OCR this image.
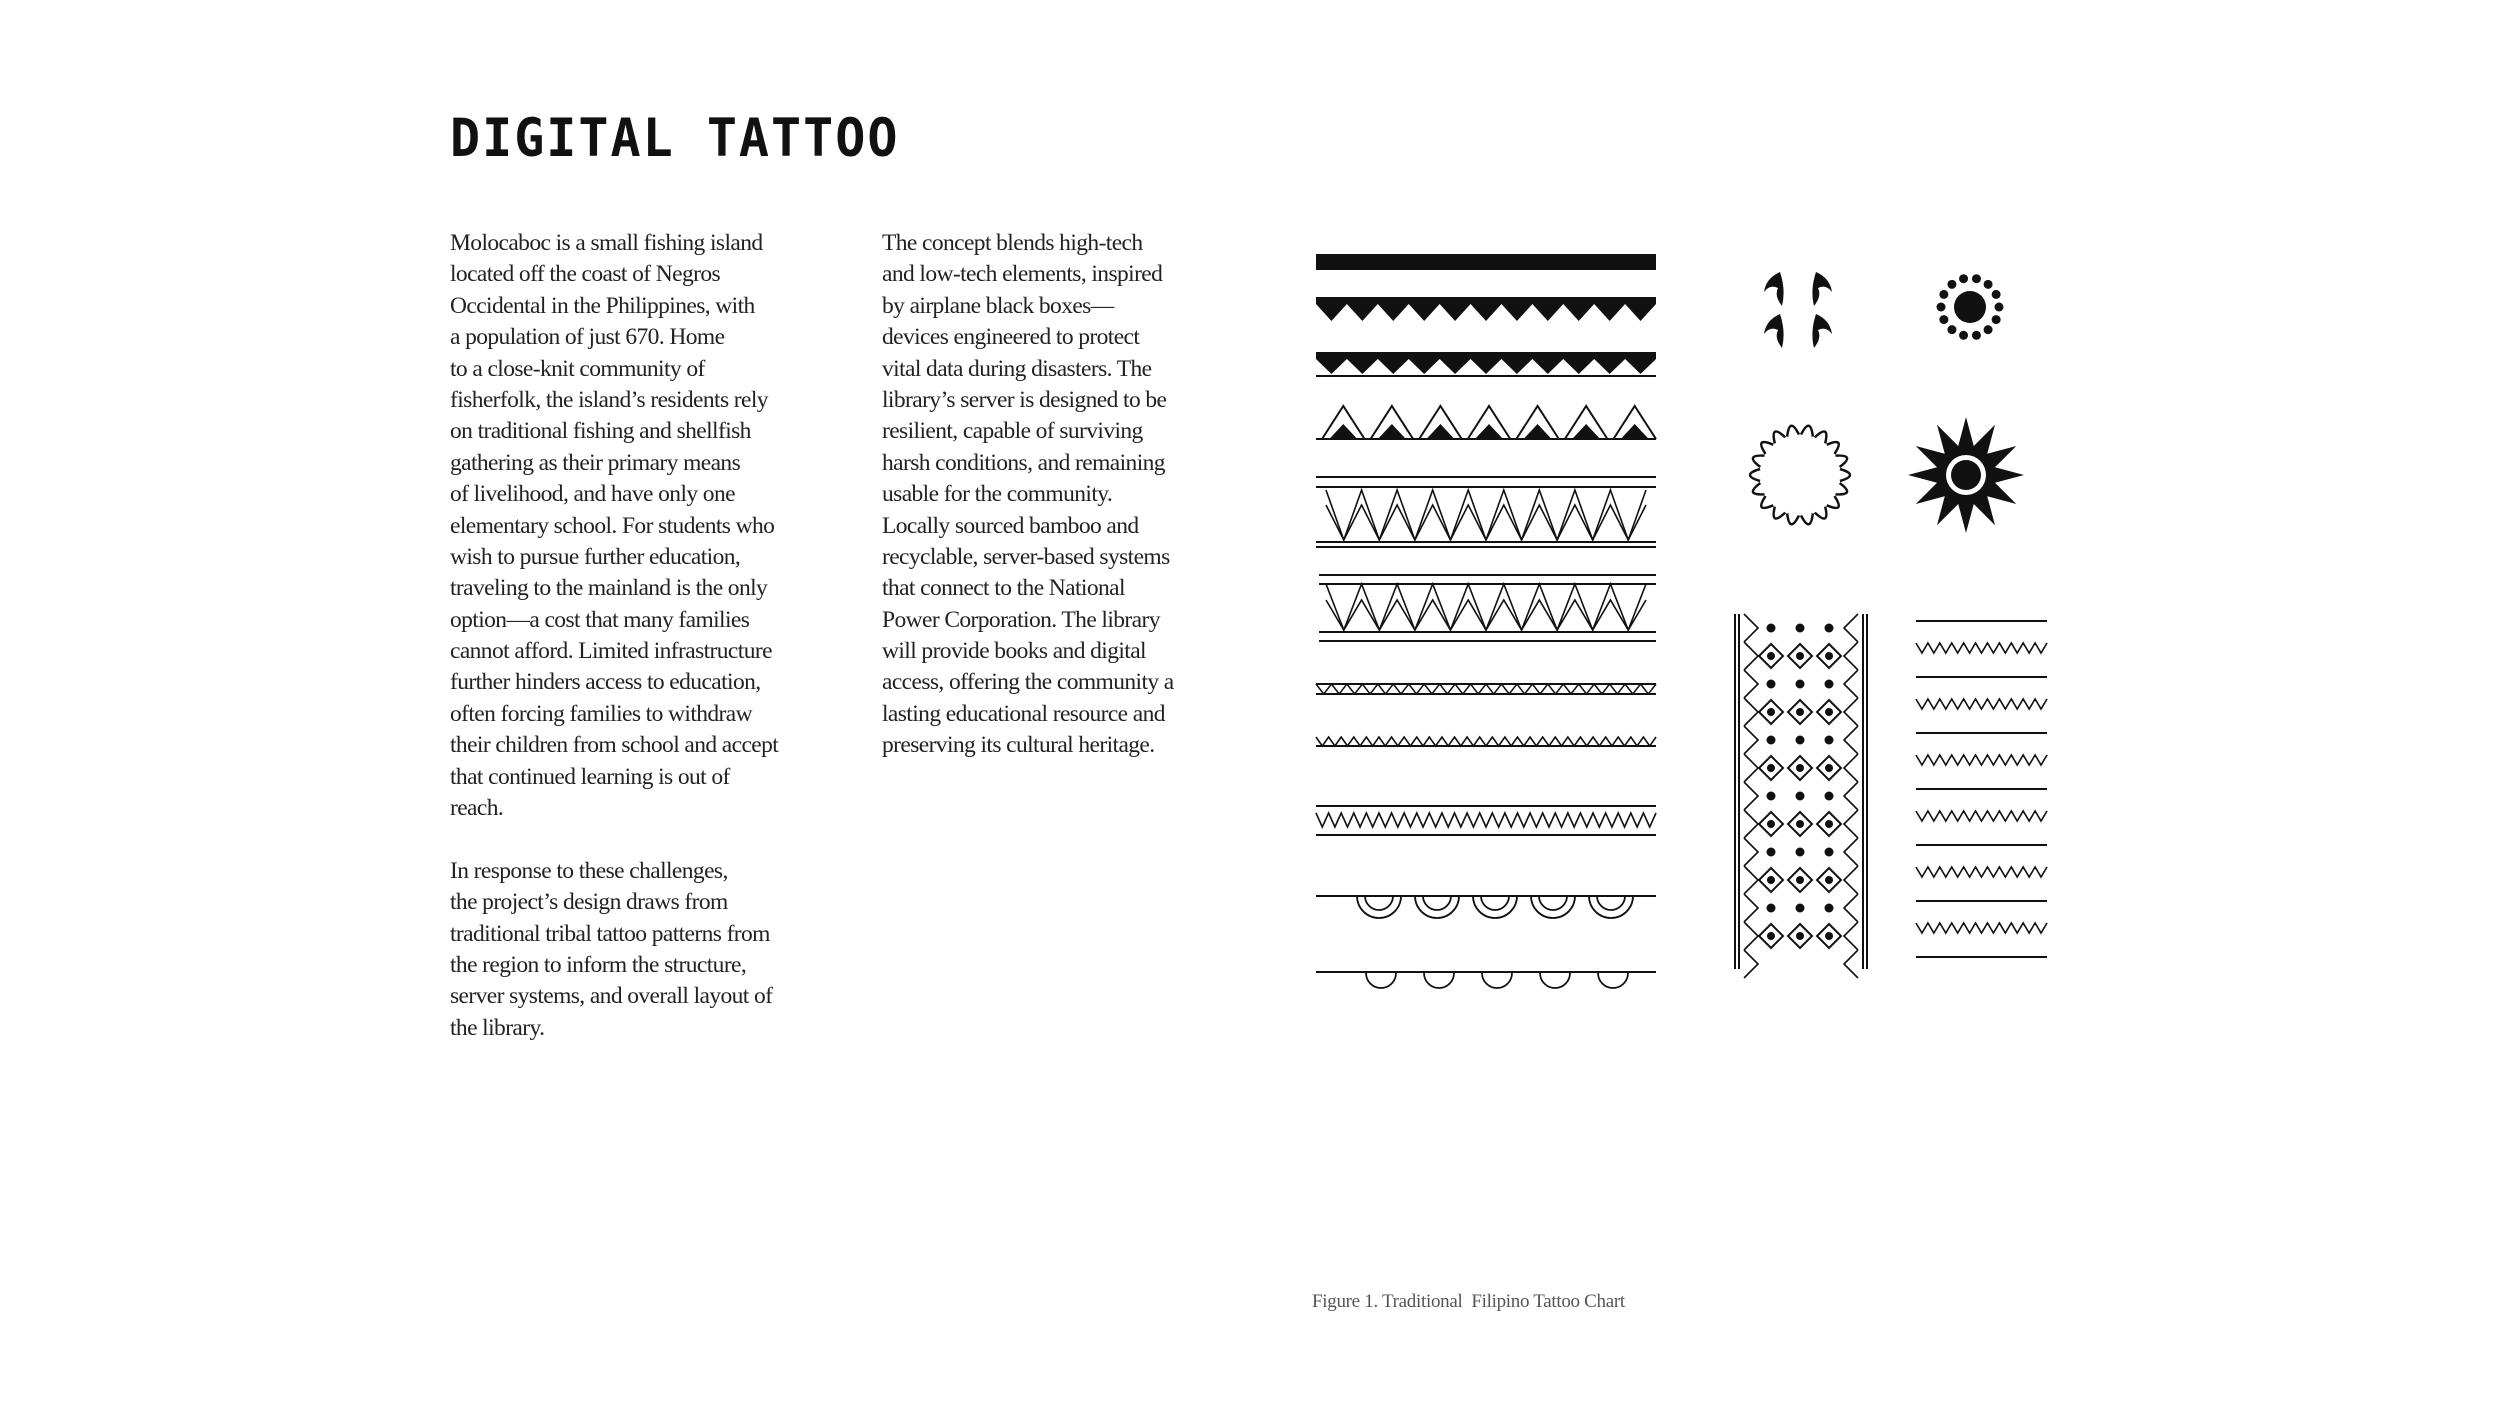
DIGITAL TATTOO
Molocaboc is a small fishing island
located off the coast of Negros
Occidental in the Philippines, with
a population of just 670. Home
to a close-knit community of
fisherfolk, the island’s residents rely
on traditional fishing and shellfish
gathering as their primary means
of livelihood, and have only one
elementary school. For students who
wish to pursue further education,
traveling to the mainland is the only
option—a cost that many families
cannot afford. Limited infrastructure
further hinders access to education,
often forcing families to withdraw
their children from school and accept
that continued learning is out of
reach.
In response to these challenges,
the project’s design draws from
traditional tribal tattoo patterns from
the region to inform the structure,
server systems, and overall layout of
the library.
The concept blends high-tech
and low-tech elements, inspired
by airplane black boxes—
devices engineered to protect
vital data during disasters. The
library’s server is designed to be
resilient, capable of surviving
harsh conditions, and remaining
usable for the community.
Locally sourced bamboo and
recyclable, server-based systems
that connect to the National
Power Corporation. The library
will provide books and digital
access, offering the community a
lasting educational resource and
preserving its cultural heritage.
Figure 1. Traditional  Filipino Tattoo Chart
